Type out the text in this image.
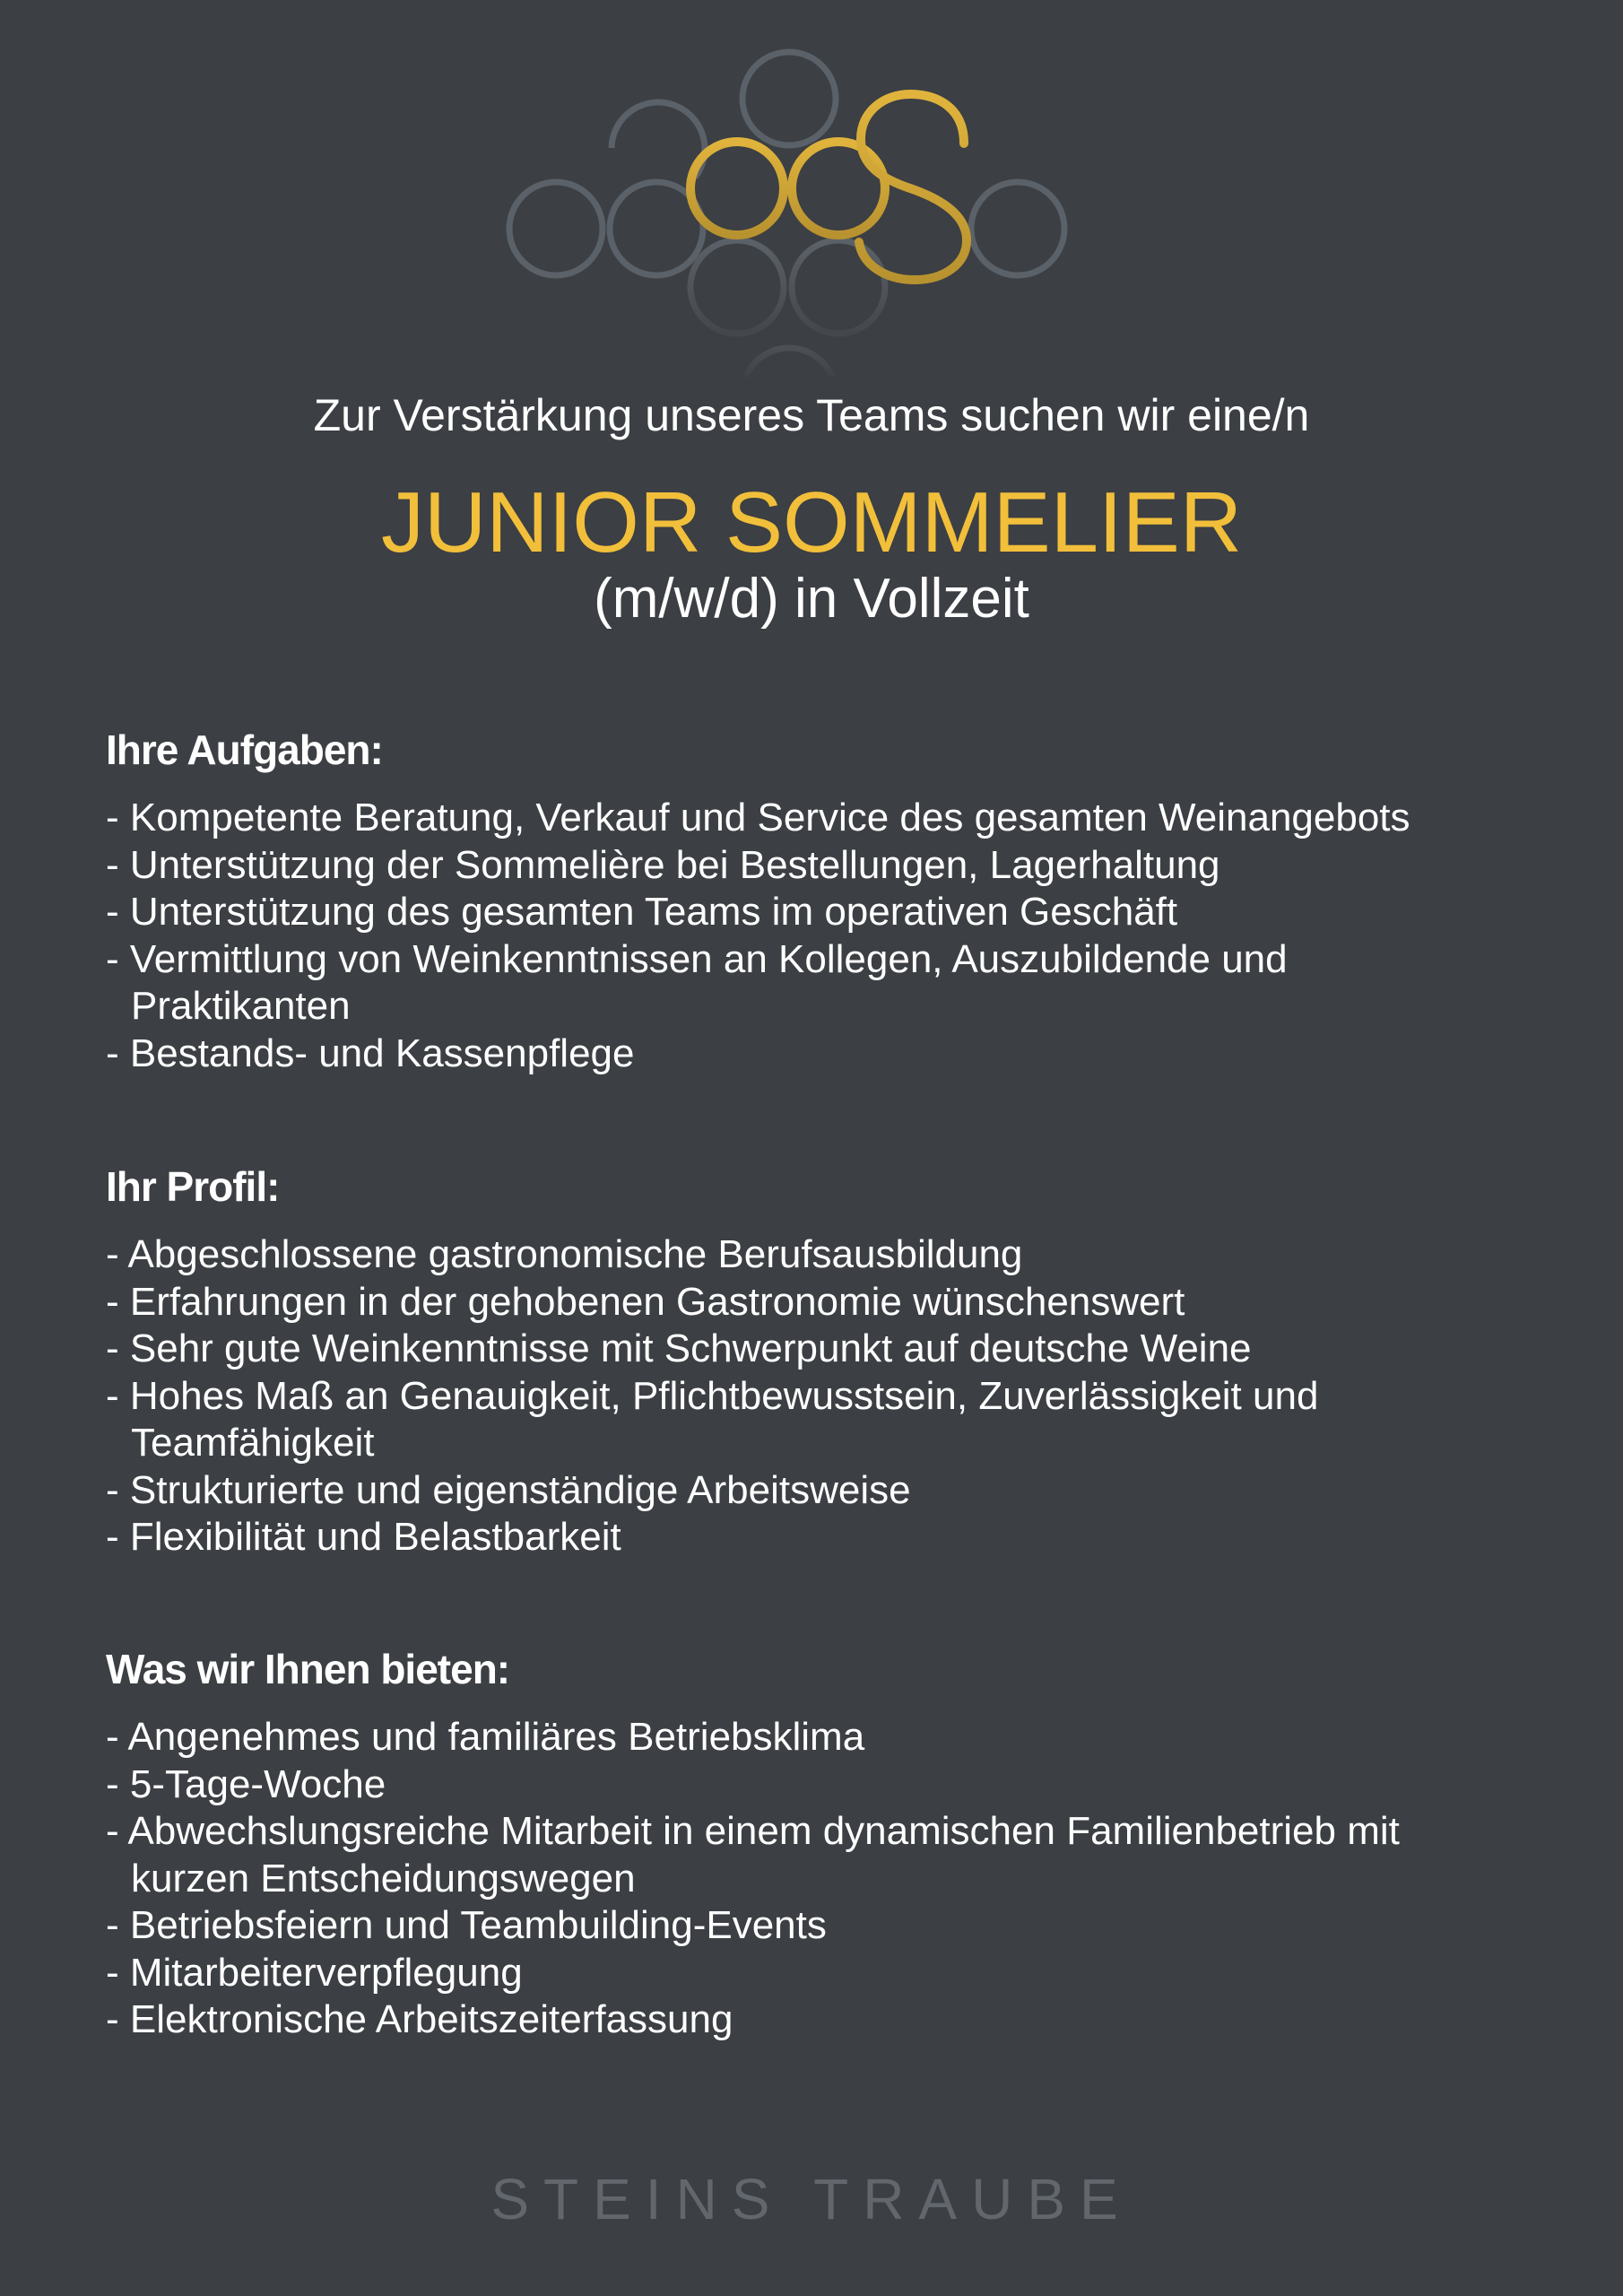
Zur Verstärkung unseres Teams suchen wir eine/n
JUNIOR SOMMELIER
(m/w/d) in Vollzeit
Ihre Aufgaben:
- Kompetente Beratung, Verkauf und Service des gesamten Weinangebots
- Unterstützung der Sommelière bei Bestellungen, Lagerhaltung
- Unterstützung des gesamten Teams im operativen Geschäft
- Vermittlung von Weinkenntnissen an Kollegen, Auszubildende und Praktikanten
- Bestands- und Kassenpflege
Ihr Profil:
- Abgeschlossene gastronomische Berufsausbildung
- Erfahrungen in der gehobenen Gastronomie wünschenswert
- Sehr gute Weinkenntnisse mit Schwerpunkt auf deutsche Weine
- Hohes Maß an Genauigkeit, Pflichtbewusstsein, Zuverlässigkeit und Teamfähigkeit
- Strukturierte und eigenständige Arbeitsweise
- Flexibilität und Belastbarkeit
Was wir Ihnen bieten:
- Angenehmes und familiäres Betriebsklima
- 5-Tage-Woche
- Abwechslungsreiche Mitarbeit in einem dynamischen Familienbetrieb mit kurzen Entscheidungswegen
- Betriebsfeiern und Teambuilding-Events
- Mitarbeiterverpflegung
- Elektronische Arbeitszeiterfassung
STEINS TRAUBE
